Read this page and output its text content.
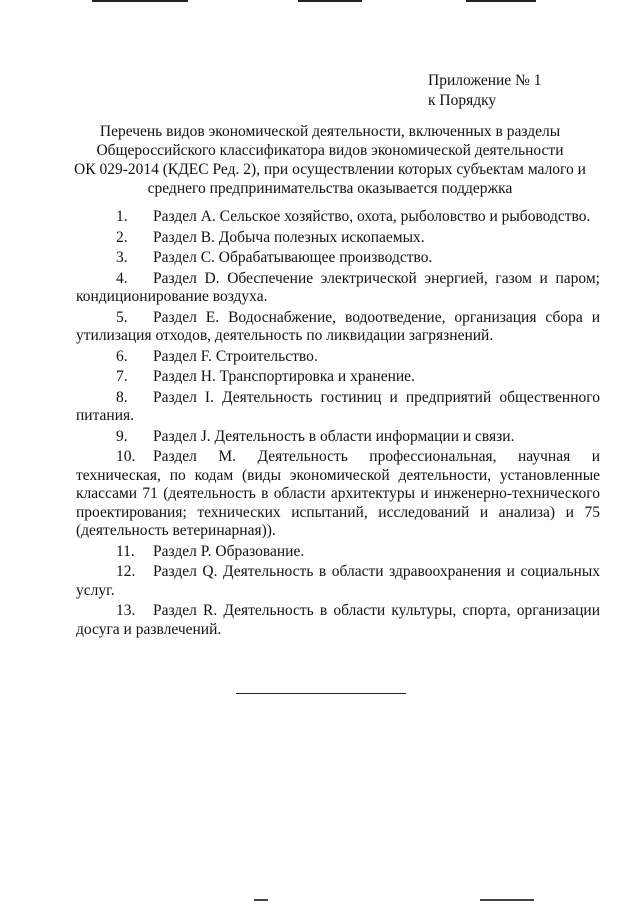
Приложение № 1
к Порядку
Перечень видов экономической деятельности, включенных в разделы
Общероссийского классификатора видов экономической деятельности
ОК 029-2014 (КДЕС Ред. 2), при осуществлении которых субъектам малого и
среднего предпринимательства оказывается поддержка
1. Раздел A. Сельское хозяйство, охота, рыболовство и рыбоводство.
2. Раздел B. Добыча полезных ископаемых.
3. Раздел C. Обрабатывающее производство.
4. Раздел D. Обеспечение электрической энергией, газом и паром; кондиционирование воздуха.
5. Раздел E. Водоснабжение, водоотведение, организация сбора и утилизация отходов, деятельность по ликвидации загрязнений.
6. Раздел F. Строительство.
7. Раздел H. Транспортировка и хранение.
8. Раздел I. Деятельность гостиниц и предприятий общественного питания.
9. Раздел J. Деятельность в области информации и связи.
10. Раздел M. Деятельность профессиональная, научная и техническая, по кодам (виды экономической деятельности, установленные классами 71 (деятельность в области архитектуры и инженерно-технического проектирования; технических испытаний, исследований и анализа) и 75 (деятельность ветеринарная)).
11. Раздел P. Образование.
12. Раздел Q. Деятельность в области здравоохранения и социальных услуг.
13. Раздел R. Деятельность в области культуры, спорта, организации досуга и развлечений.
